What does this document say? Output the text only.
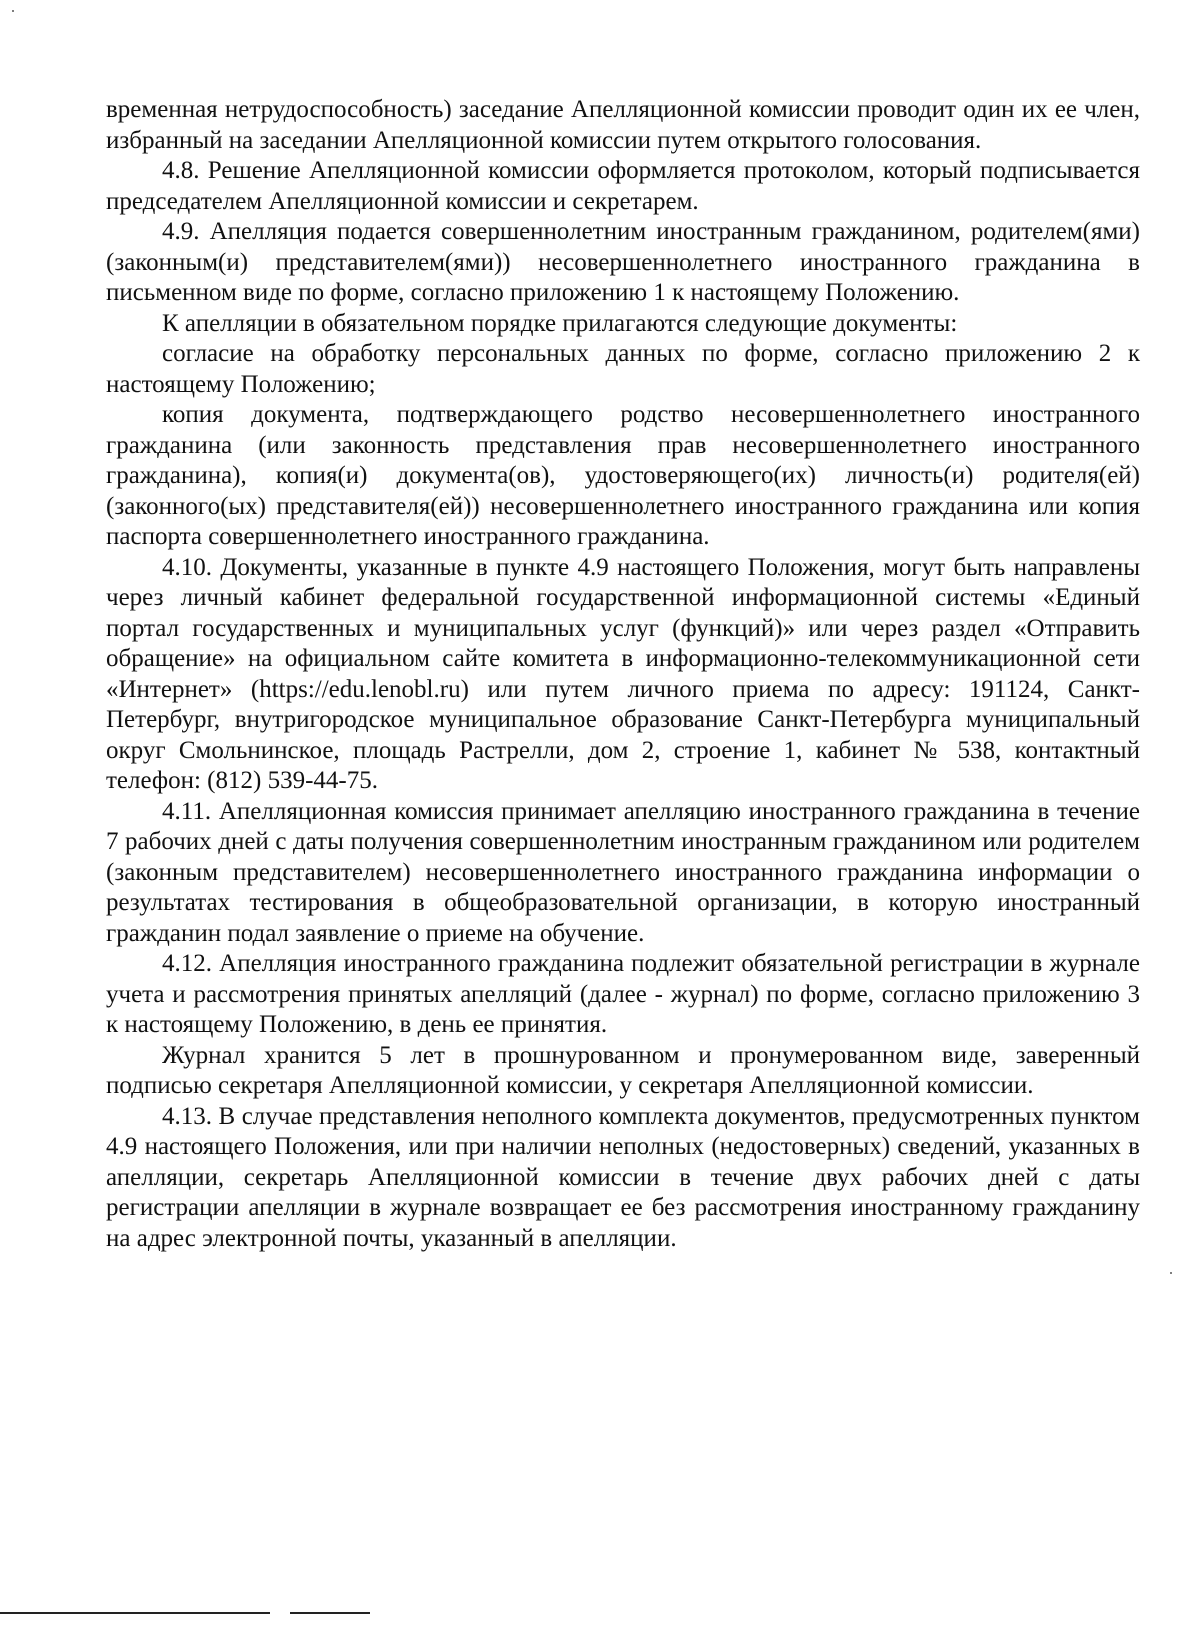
временная нетрудоспособность) заседание Апелляционной комиссии проводит один их ее член, избранный на заседании Апелляционной комиссии путем открытого голосования.

4.8. Решение Апелляционной комиссии оформляется протоколом, который подписывается председателем Апелляционной комиссии и секретарем.

4.9. Апелляция подается совершеннолетним иностранным гражданином, родителем(ями) (законным(и) представителем(ями)) несовершеннолетнего иностранного гражданина в письменном виде по форме, согласно приложению 1 к настоящему Положению.

К апелляции в обязательном порядке прилагаются следующие документы:

согласие на обработку персональных данных по форме, согласно приложению 2 к настоящему Положению;

копия документа, подтверждающего родство несовершеннолетнего иностранного гражданина (или законность представления прав несовершеннолетнего иностранного гражданина), копия(и) документа(ов), удостоверяющего(их) личность(и) родителя(ей) (законного(ых) представителя(ей)) несовершеннолетнего иностранного гражданина или копия паспорта совершеннолетнего иностранного гражданина.

4.10. Документы, указанные в пункте 4.9 настоящего Положения, могут быть направлены через личный кабинет федеральной государственной информационной системы «Единый портал государственных и муниципальных услуг (функций)» или через раздел «Отправить обращение» на официальном сайте комитета в информационно-телекоммуникационной сети «Интернет» (https://edu.lenobl.ru) или путем личного приема по адресу: 191124, Санкт-Петербург, внутригородское муниципальное образование Санкт-Петербурга муниципальный округ Смольнинское, площадь Растрелли, дом 2, строение 1, кабинет № 538, контактный телефон: (812) 539-44-75.

4.11. Апелляционная комиссия принимает апелляцию иностранного гражданина в течение 7 рабочих дней с даты получения совершеннолетним иностранным гражданином или родителем (законным представителем) несовершеннолетнего иностранного гражданина информации о результатах тестирования в общеобразовательной организации, в которую иностранный гражданин подал заявление о приеме на обучение.

4.12. Апелляция иностранного гражданина подлежит обязательной регистрации в журнале учета и рассмотрения принятых апелляций (далее - журнал) по форме, согласно приложению 3 к настоящему Положению, в день ее принятия.

Журнал хранится 5 лет в прошнурованном и пронумерованном виде, заверенный подписью секретаря Апелляционной комиссии, у секретаря Апелляционной комиссии.

4.13. В случае представления неполного комплекта документов, предусмотренных пунктом 4.9 настоящего Положения, или при наличии неполных (недостоверных) сведений, указанных в апелляции, секретарь Апелляционной комиссии в течение двух рабочих дней с даты регистрации апелляции в журнале возвращает ее без рассмотрения иностранному гражданину на адрес электронной почты, указанный в апелляции.
